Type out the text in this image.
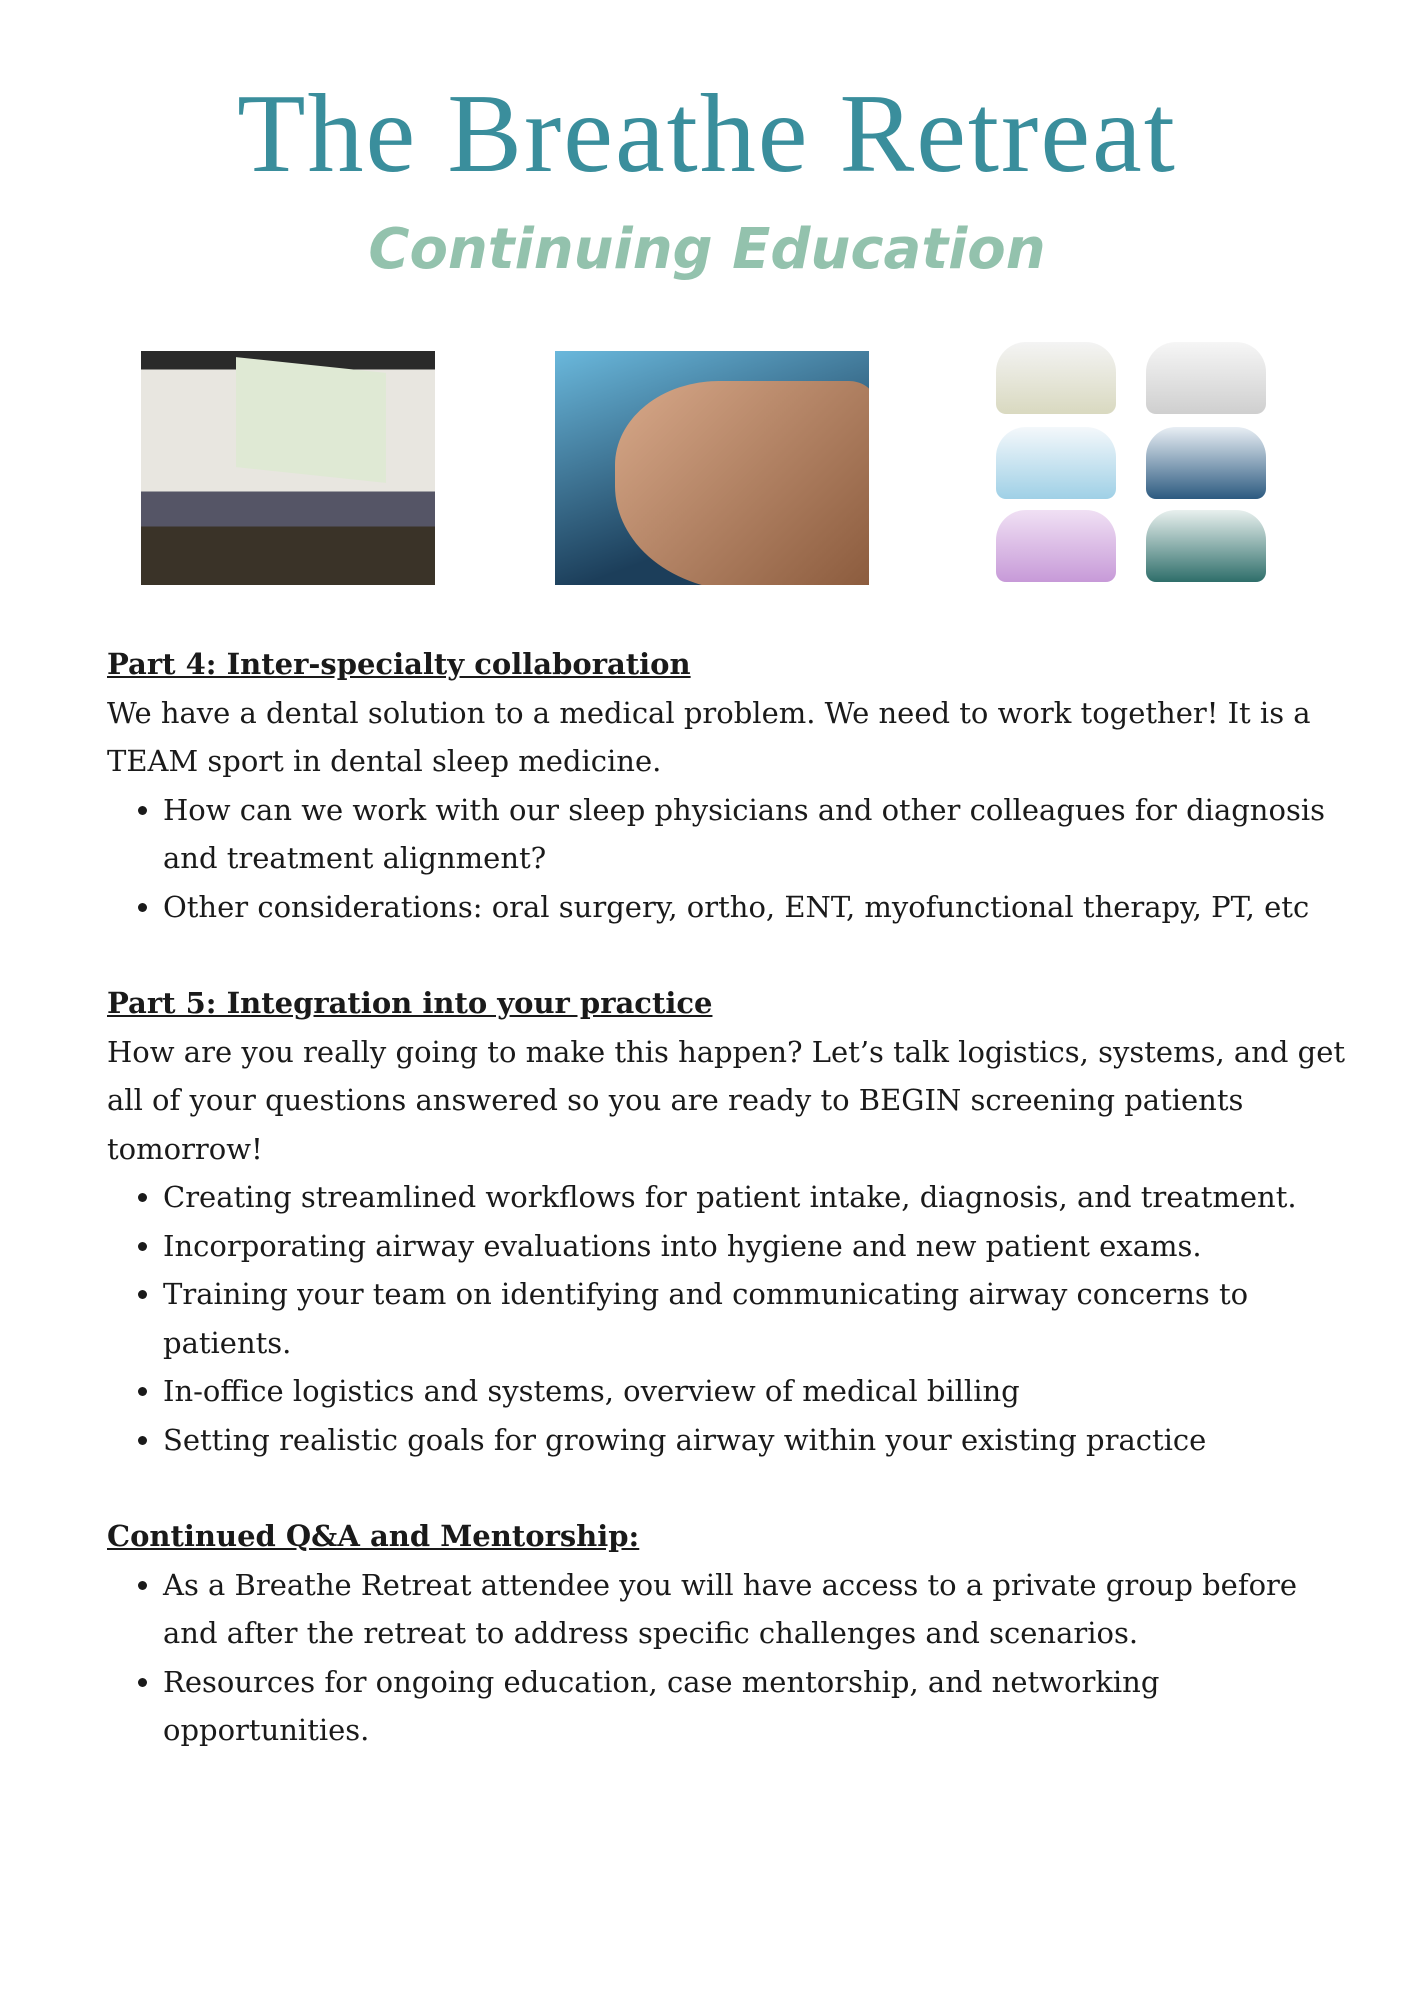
The Breathe Retreat
Continuing Education

Part 4: Inter-specialty collaboration

We have a dental solution to a medical problem. We need to work together! It is a TEAM sport in dental sleep medicine.

• How can we work with our sleep physicians and other colleagues for diagnosis and treatment alignment?
• Other considerations: oral surgery, ortho, ENT, myofunctional therapy, PT, etc

Part 5: Integration into your practice

How are you really going to make this happen? Let’s talk logistics, systems, and get all of your questions answered so you are ready to BEGIN screening patients tomorrow!

• Creating streamlined workflows for patient intake, diagnosis, and treatment.
• Incorporating airway evaluations into hygiene and new patient exams.
• Training your team on identifying and communicating airway concerns to patients.
• In-office logistics and systems, overview of medical billing
• Setting realistic goals for growing airway within your existing practice

Continued Q&A and Mentorship:

• As a Breathe Retreat attendee you will have access to a private group before and after the retreat to address specific challenges and scenarios.
• Resources for ongoing education, case mentorship, and networking opportunities.
